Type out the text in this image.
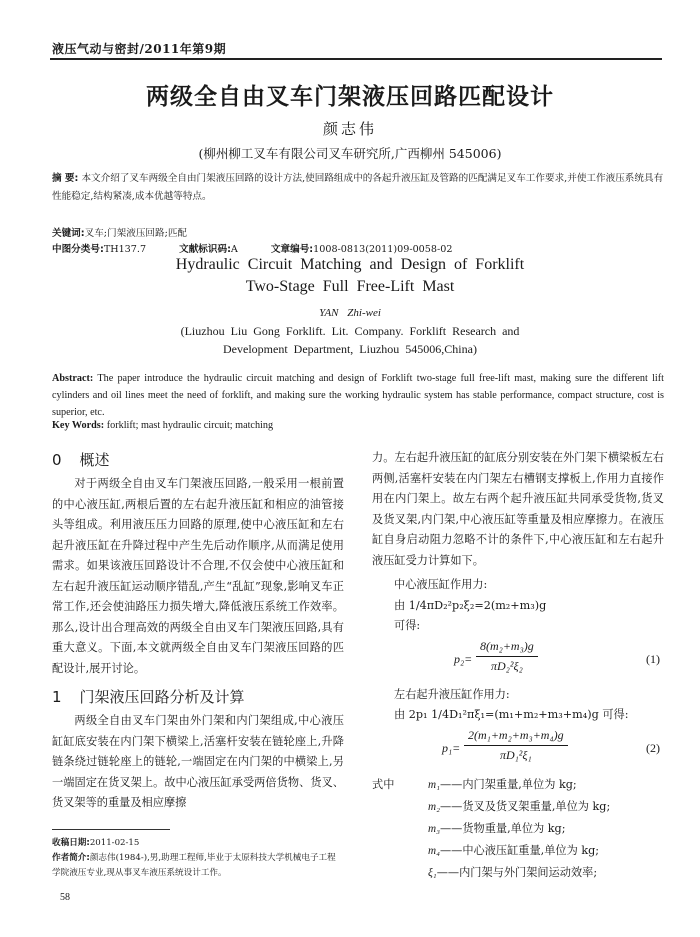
液压气动与密封/2011年第9期
两级全自由叉车门架液压回路匹配设计
颜志伟
(柳州柳工叉车有限公司叉车研究所,广西柳州 545006)
摘 要: 本文介绍了叉车两级全自由门架液压回路的设计方法,使回路组成中的各起升液压缸及管路的匹配满足叉车工作要求,并使工作液压系统具有性能稳定,结构紧凑,成本优越等特点。
关键词:叉车;门架液压回路;匹配
中图分类号:TH137.7	文献标识码:A	文章编号:1008-0813(2011)09-0058-02
Hydraulic Circuit Matching and Design of Forklift
Two-Stage Full Free-Lift Mast
YAN Zhi-wei
(Liuzhou Liu Gong Forklift. Lit. Company. Forklift Research and
Development Department, Liuzhou 545006,China)
Abstract: The paper introduce the hydraulic circuit matching and design of Forklift two-stage full free-lift mast, making sure the different lift cylinders and oil lines meet the need of forklift, and making sure the working hydraulic system has stable performance, compact structure, cost is superior, etc.
Key Words: forklift; mast hydraulic circuit; matching
0 概述

对于两级全自由叉车门架液压回路,一般采用一根前置的中心液压缸,两根后置的左右起升液压缸和相应的油管接头等组成。利用液压压力回路的原理,使中心液压缸和左右起升液压缸在升降过程中产生先后动作顺序,从而满足使用需求。如果该液压回路设计不合理,不仅会使中心液压缸和左右起升液压缸运动顺序错乱,产生“乱缸”现象,影响叉车正常工作,还会使油路压力损失增大,降低液压系统工作效率。那么,设计出合理高效的两级全自由叉车门架液压回路,具有重大意义。下面,本文就两级全自由叉车门架液压回路的匹配设计,展开讨论。

1 门架液压回路分析及计算

两级全自由叉车门架由外门架和内门架组成,中心液压缸缸底安装在内门架下横梁上,活塞杆安装在链轮座上,升降链条绕过链轮座上的链轮,一端固定在内门架的中横梁上,另一端固定在货叉架上。故中心液压缸承受两倍货物、货叉、货叉架等的重量及相应摩擦

力。左右起升液压缸的缸底分别安装在外门架下横梁板左右两侧,活塞杆安装在内门架左右槽钢支撑板上,作用力直接作用在内门架上。故左右两个起升液压缸共同承受货物,货叉及货叉架,内门架,中心液压缸等重量及相应摩擦力。在液压缸自身启动阻力忽略不计的条件下,中心液压缸和左右起升液压缸受力计算如下。

中心液压缸作用力:
由 1/4πD₂²p₂ξ₂=2(m₂+m₃)g
可得:
$p_2= \frac{\text{8(m₂+m₃)g}}{\text{πD₂²ξ₂}}$	(1)
左右起升液压缸作用力:
由 2p₁ 1/4D₁²πξ₁=(m₁+m₂+m₃+m₄)g 可得:
$p_1= \frac{\text{2(m₁+m₂+m₃+m₄)g}}{\text{πD₁²ξ₁}}$	(2)
式中	m₁——内门架重量,单位为 kg;
m₂——货叉及货叉架重量,单位为 kg;
m₃——货物重量,单位为 kg;
m₄——中心液压缸重量,单位为 kg;
ξ₁——内门架与外门架间运动效率;
收稿日期:2011-02-15
作者简介:颜志伟(1984-),男,助理工程师,毕业于太原科技大学机械电子工程学院液压专业,现从事叉车液压系统设计工作。
58
